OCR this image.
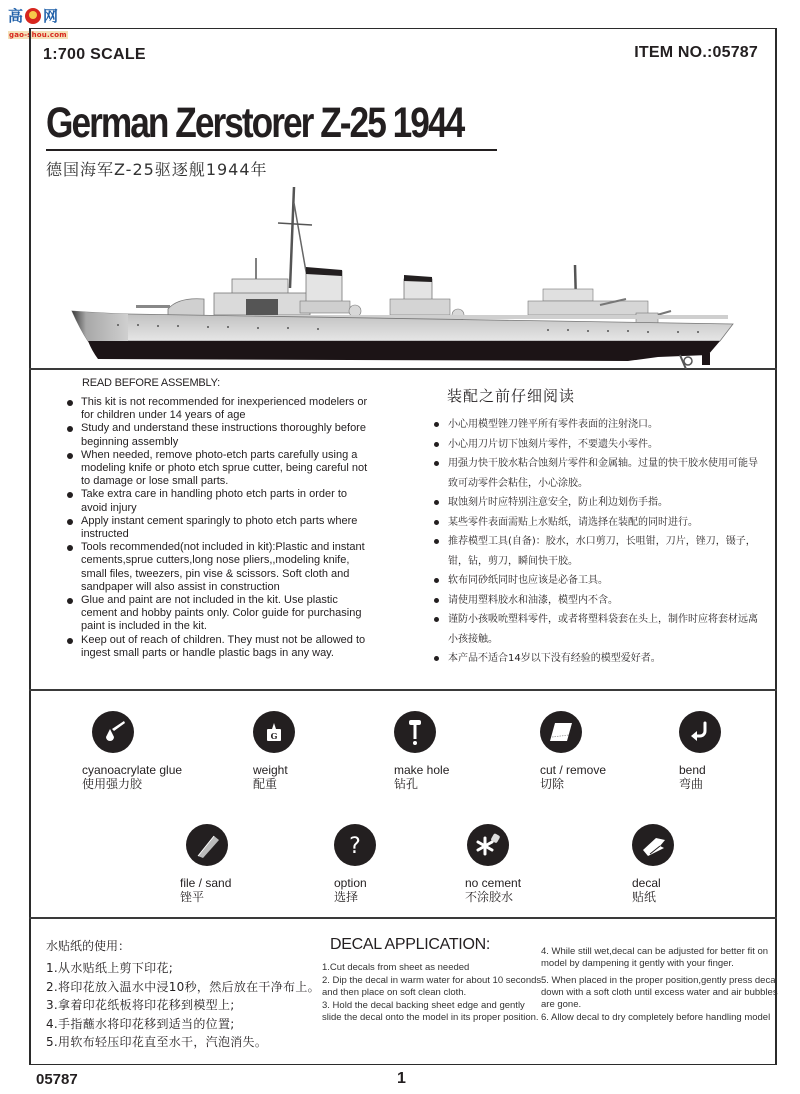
高 网
gao-shou.com
1:700 SCALE	ITEM NO.:05787
German Zerstorer Z-25 1944
德国海军Z-25驱逐舰1944年
READ BEFORE ASSEMBLY:
This kit is not recommended for inexperienced modelers or for children under 14 years of age
Study and understand these instructions thoroughly before beginning assembly
When needed, remove photo-etch parts carefully using a modeling knife or photo etch sprue cutter, being careful not to damage or lose small parts.
Take extra care in handling photo etch parts in order to avoid injury
Apply instant cement sparingly to photo etch parts where instructed
Tools recommended(not included in kit):Plastic and instant cements,sprue cutters,long nose pliers,,modeling knife, small files, tweezers, pin vise & scissors. Soft cloth and sandpaper will also assist in construction
Glue and paint are not included in the kit. Use plastic cement and hobby paints only. Color guide for purchasing paint is included in the kit.
Keep out of reach of children. They must not be allowed to ingest small parts or handle plastic bags in any way.
装配之前仔细阅读
小心用模型锉刀锉平所有零件表面的注射浇口。
小心用刀片切下蚀刻片零件，不要遗失小零件。
用强力快干胶水粘合蚀刻片零件和金属轴。过量的快干胶水使用可能导致可动零件会粘住，小心涂胶。
取蚀刻片时应特别注意安全，防止利边划伤手指。
某些零件表面需贴上水贴纸，请选择在装配的同时进行。
推荐模型工具(自备)：胶水，水口剪刀，长咀钳，刀片，锉刀，镊子，钳，钻，剪刀，瞬间快干胶。
软布同砂纸同时也应该是必备工具。
请使用塑料胶水和油漆，模型内不含。
谨防小孩吸吮塑料零件，或者将塑料袋套在头上，制作时应将套材远离小孩接触。
本产品不适合14岁以下没有经验的模型爱好者。
cyanoacrylate glue
使用强力胶
G
weight
配重
make hole
钻孔
cut / remove
切除
bend
弯曲
file / sand
锉平
?
option
选择
no cement
不涂胶水
decal
贴纸
水贴纸的使用：
1.从水贴纸上剪下印花;
2.将印花放入温水中浸10秒，然后放在干净布上。
3.拿着印花纸板将印花移到模型上;
4.手指蘸水将印花移到适当的位置;
5.用软布轻压印花直至水干，汽泡消失。
DECAL APPLICATION:
1.Cut decals from sheet as needed
2. Dip the decal in warm water for about 10 seconds and then place on soft clean cloth.
3. Hold the decal backing sheet edge and gently slide the decal onto the model in its proper position.
4. While still wet,decal can be adjusted for better fit on model by dampening it gently with your finger.
5. When placed in the proper position,gently press decal down with a soft cloth until excess water and air bubbles are gone.
6. Allow decal to dry completely before handling model
05787	1
